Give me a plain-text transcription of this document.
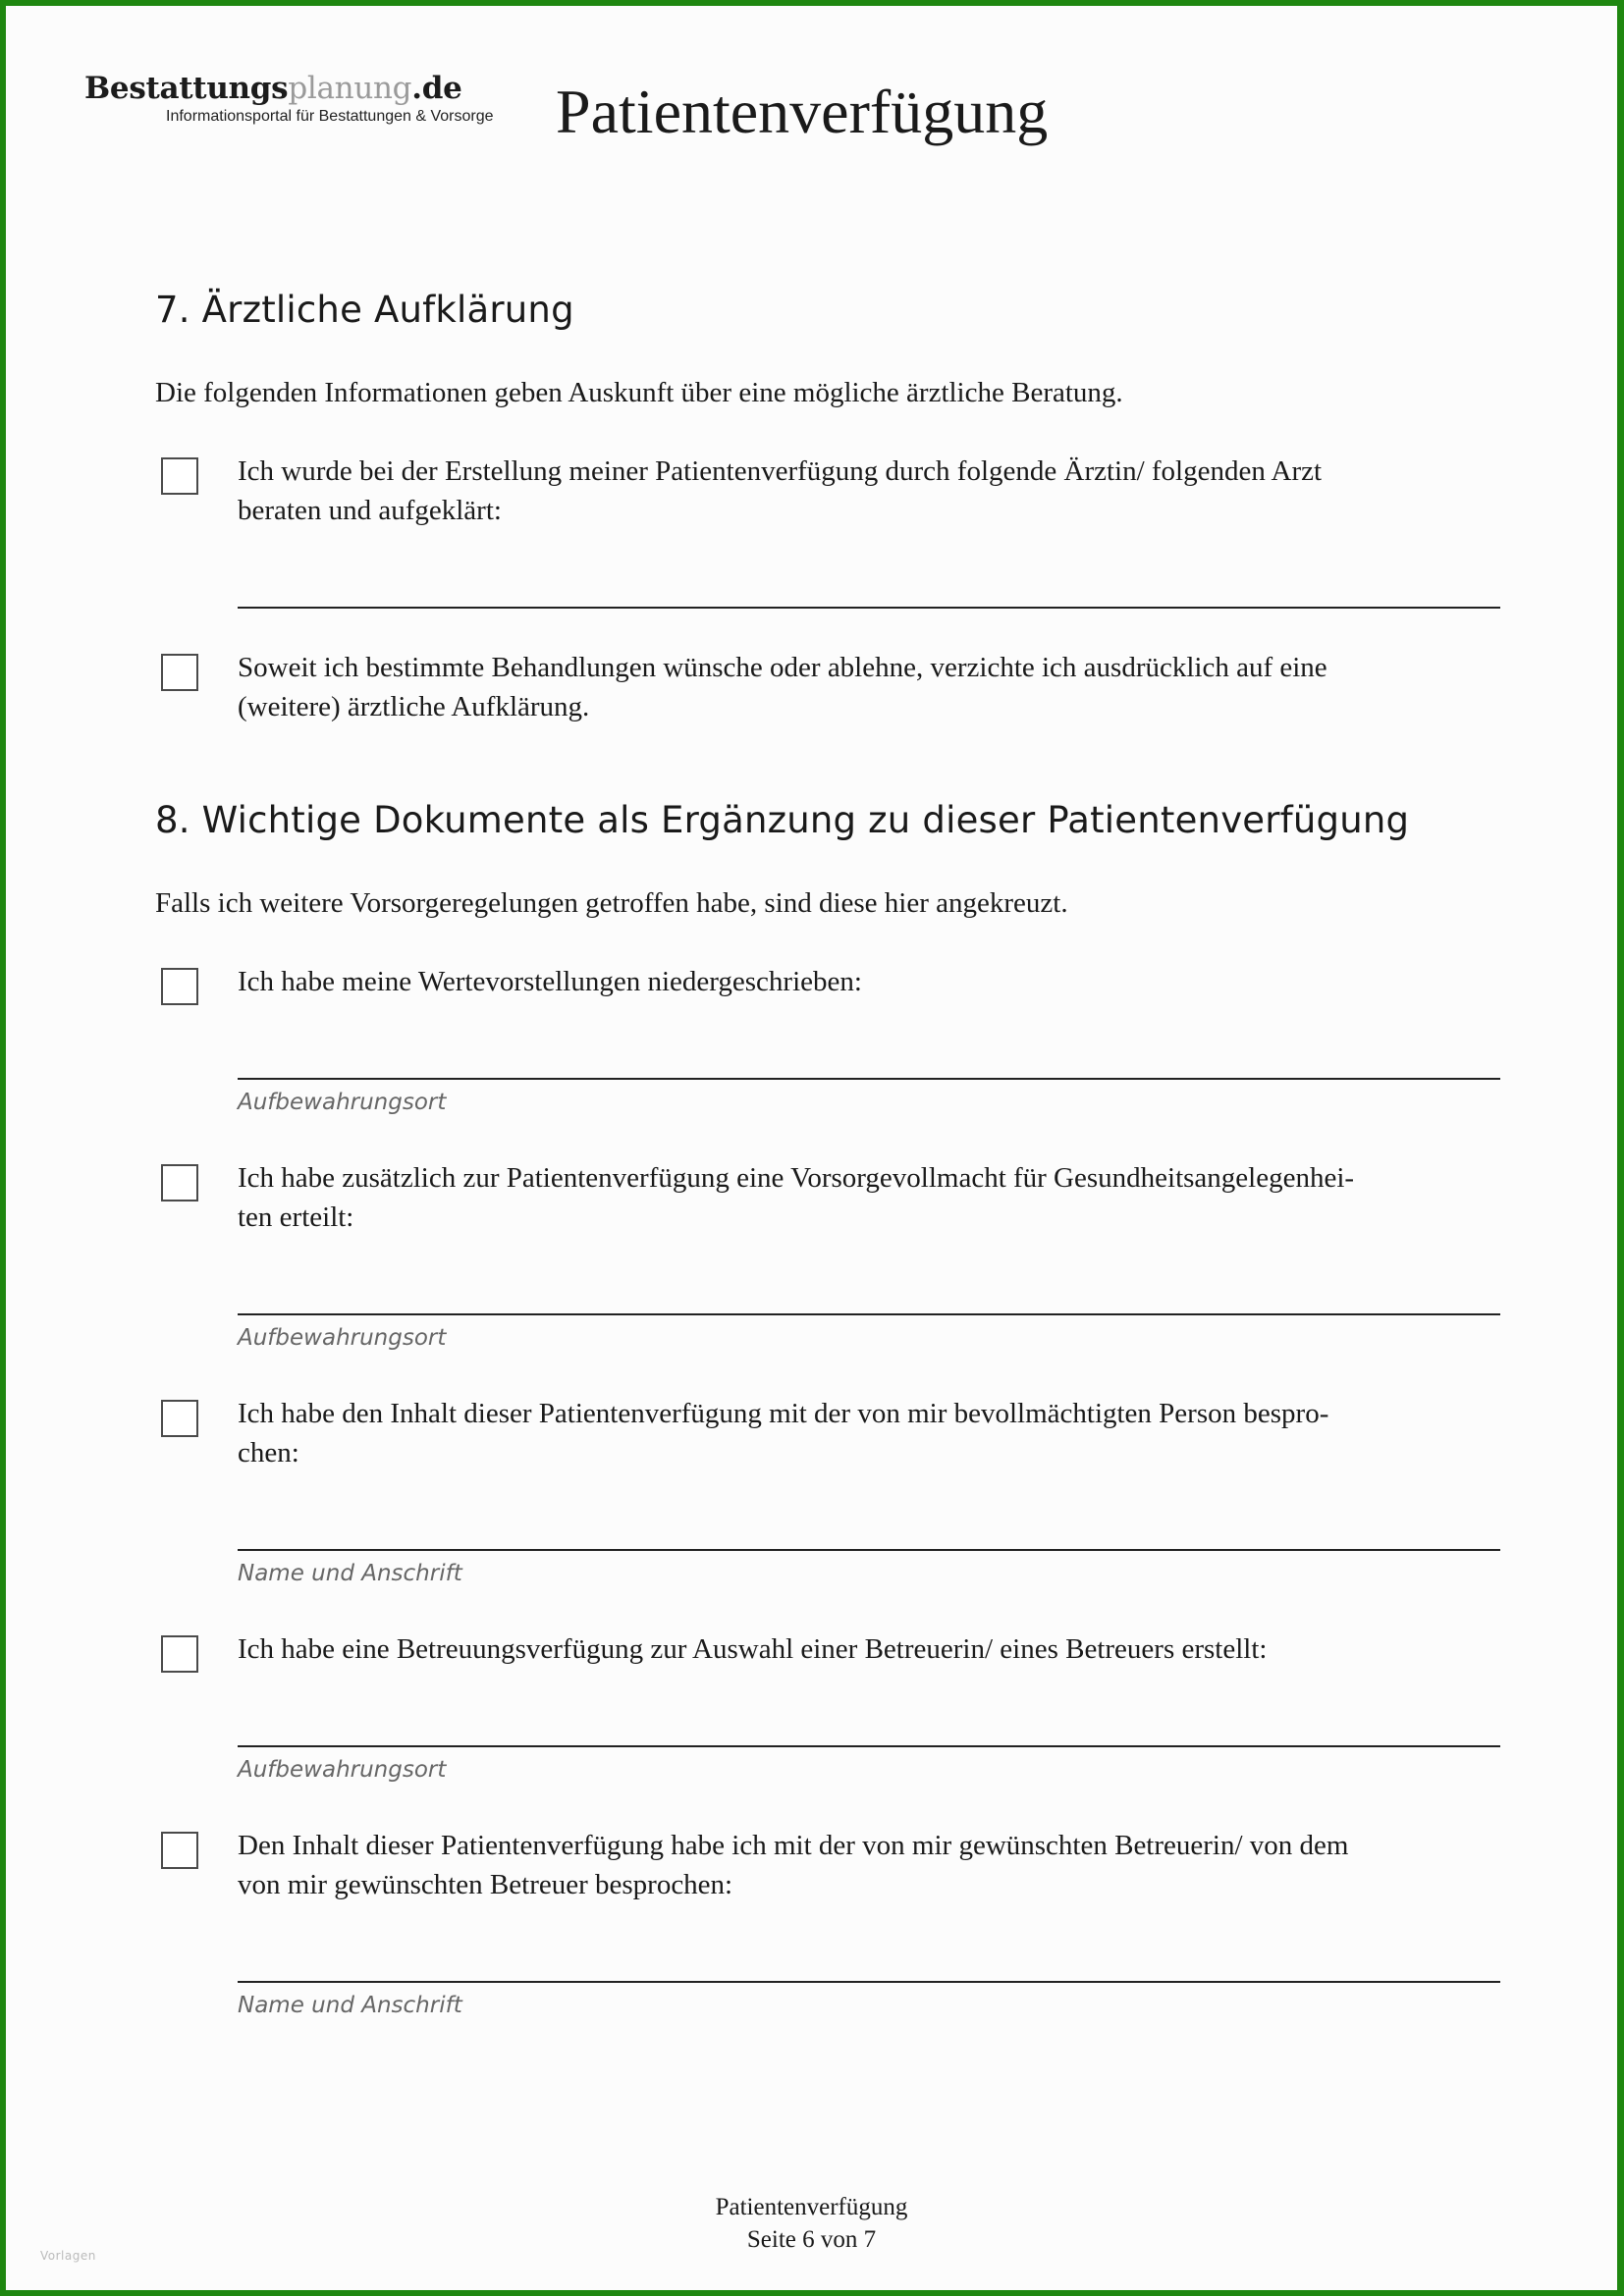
Bestattungsplanung.de
Informationsportal für Bestattungen & Vorsorge Patientenverfügung
7. Ärztliche Aufklärung
Die folgenden Informationen geben Auskunft über eine mögliche ärztliche Beratung.
Ich wurde bei der Erstellung meiner Patientenverfügung durch folgende Ärztin/ folgenden Arzt
beraten und aufgeklärt:
Soweit ich bestimmte Behandlungen wünsche oder ablehne, verzichte ich ausdrücklich auf eine
(weitere) ärztliche Aufklärung.
8. Wichtige Dokumente als Ergänzung zu dieser Patientenverfügung
Falls ich weitere Vorsorgeregelungen getroffen habe, sind diese hier angekreuzt.
Ich habe meine Wertevorstellungen niedergeschrieben:
Aufbewahrungsort
Ich habe zusätzlich zur Patientenverfügung eine Vorsorgevollmacht für Gesundheitsangelegenhei-
ten erteilt:
Aufbewahrungsort
Ich habe den Inhalt dieser Patientenverfügung mit der von mir bevollmächtigten Person bespro-
chen:
Name und Anschrift
Ich habe eine Betreuungsverfügung zur Auswahl einer Betreuerin/ eines Betreuers erstellt:
Aufbewahrungsort
Den Inhalt dieser Patientenverfügung habe ich mit der von mir gewünschten Betreuerin/ von dem
von mir gewünschten Betreuer besprochen:
Name und Anschrift
Patientenverfügung
Seite 6 von 7
Vorlagen
